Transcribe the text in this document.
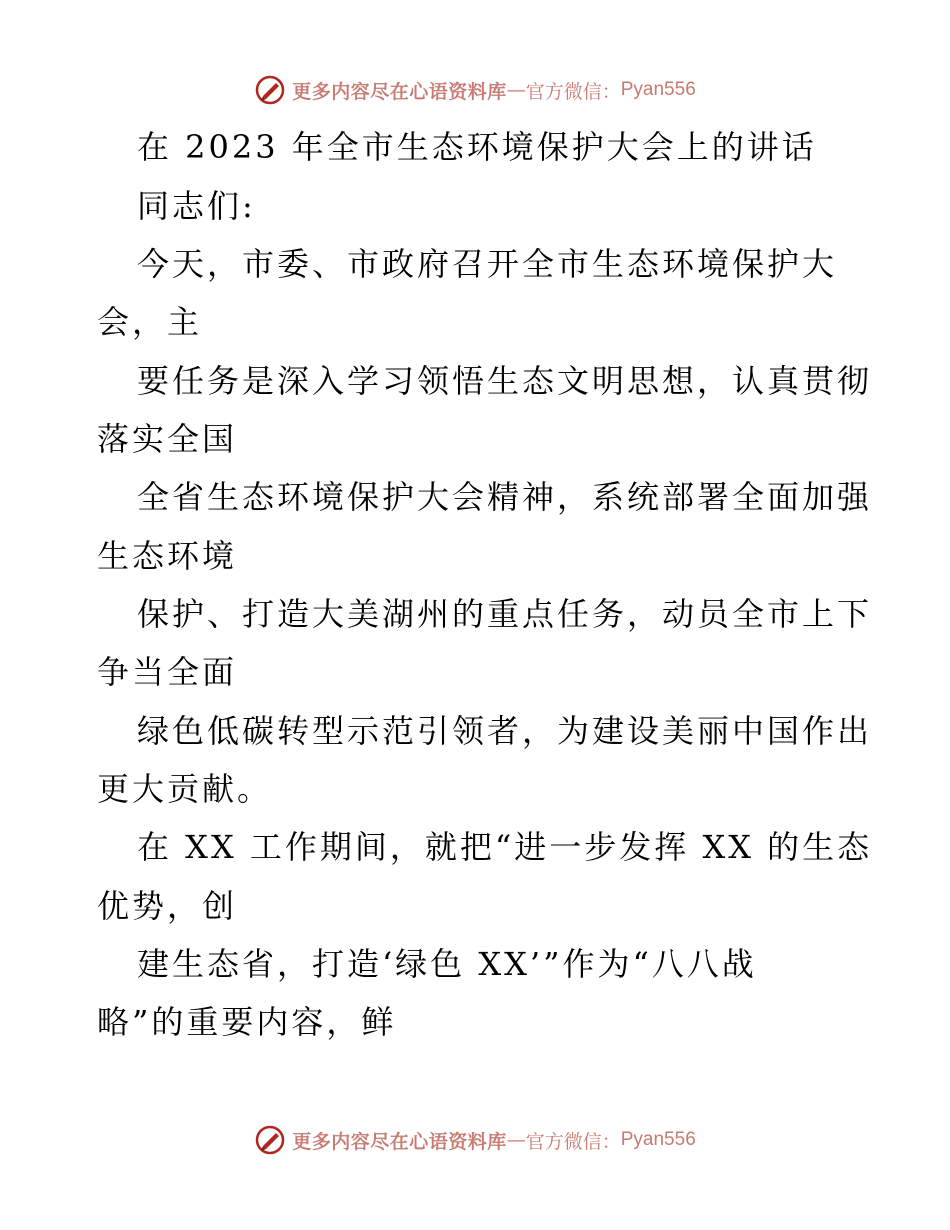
更多内容尽在心语资料库 — 官方微信： Pyan556
在 2023 年全市生态环境保护大会上的讲话
同志们:
今天，市委、市政府召开全市生态环境保护大
会，主
要任务是深入学习领悟生态文明思想，认真贯彻
落实全国
全省生态环境保护大会精神，系统部署全面加强
生态环境
保护、打造大美湖州的重点任务，动员全市上下
争当全面
绿色低碳转型示范引领者，为建设美丽中国作出
更大贡献。
在 XX 工作期间，就把“进一步发挥 XX 的生态
优势，创
建生态省，打造‘绿色 XX’”作为“八八战
略”的重要内容，鲜
更多内容尽在心语资料库 — 官方微信： Pyan556
